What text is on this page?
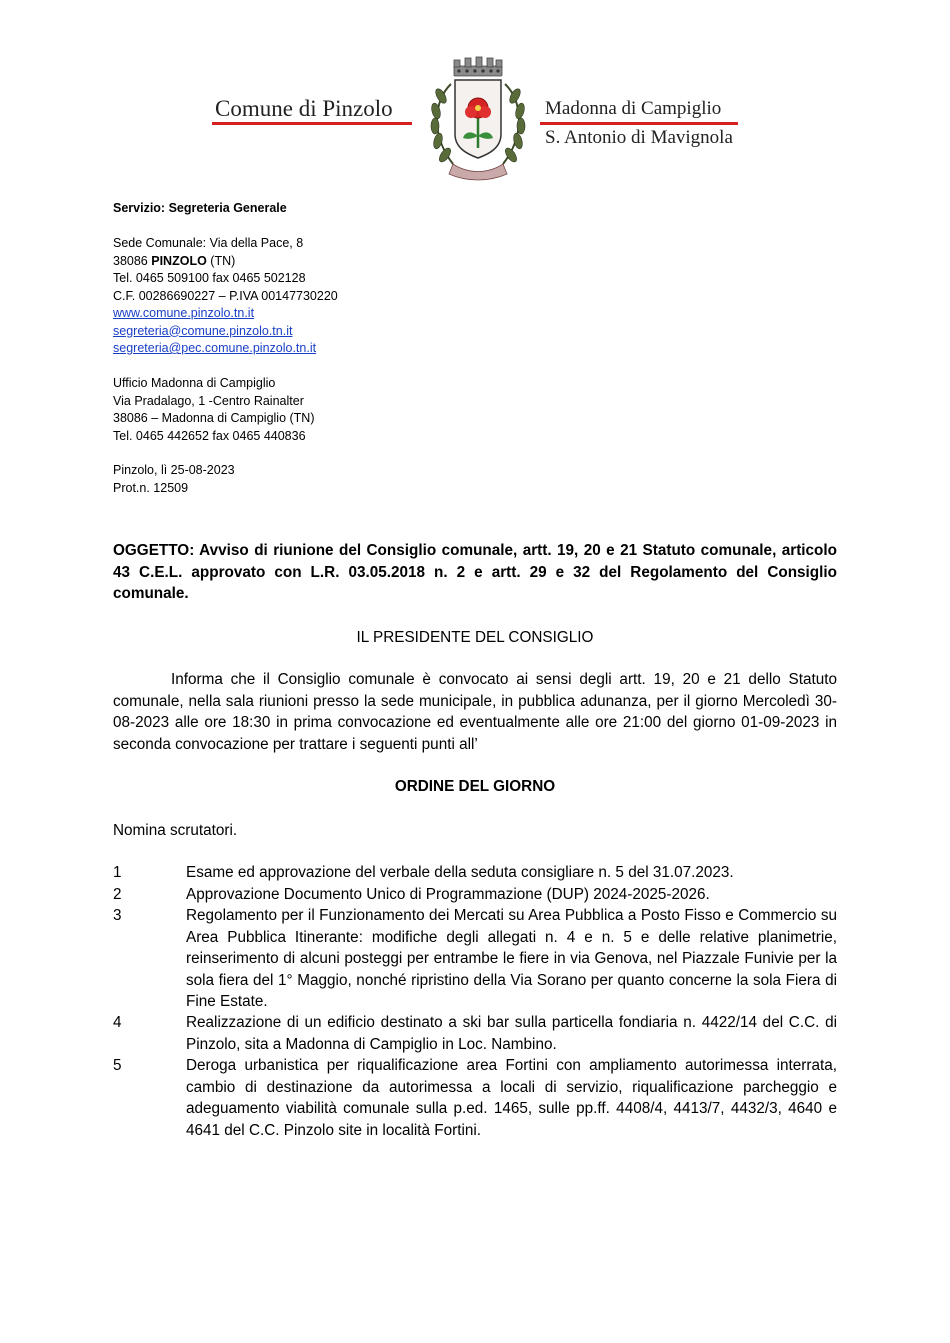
Comune di Pinzolo	Madonna di Campiglio
S. Antonio di Mavignola
Servizio: Segreteria Generale
Sede Comunale: Via della Pace, 8
38086 PINZOLO (TN)
Tel. 0465 509100 fax 0465 502128
C.F. 00286690227 – P.IVA 00147730220
www.comune.pinzolo.tn.it
segreteria@comune.pinzolo.tn.it
segreteria@pec.comune.pinzolo.tn.it
Ufficio Madonna di Campiglio
Via Pradalago, 1 -Centro Rainalter
38086 – Madonna di Campiglio (TN)
Tel. 0465 442652 fax 0465 440836
Pinzolo, lì 25-08-2023
Prot.n. 12509
OGGETTO: Avviso di riunione del Consiglio comunale, artt. 19, 20 e 21 Statuto comunale, articolo 43 C.E.L. approvato con L.R. 03.05.2018 n. 2 e artt. 29 e 32 del Regolamento del Consiglio comunale.
IL PRESIDENTE DEL CONSIGLIO
Informa che il Consiglio comunale è convocato ai sensi degli artt. 19, 20 e 21 dello Statuto comunale, nella sala riunioni presso la sede municipale, in pubblica adunanza, per il giorno Mercoledì 30-08-2023 alle ore 18:30 in prima convocazione ed eventualmente alle ore 21:00 del giorno 01-09-2023 in seconda convocazione per trattare i seguenti punti all’
ORDINE DEL GIORNO
Nomina scrutatori.
1	Esame ed approvazione del verbale della seduta consigliare n. 5 del 31.07.2023.
2	Approvazione Documento Unico di Programmazione (DUP) 2024-2025-2026.
3	Regolamento per il Funzionamento dei Mercati su Area Pubblica a Posto Fisso e Commercio su Area Pubblica Itinerante: modifiche degli allegati n. 4 e n. 5 e delle relative planimetrie, reinserimento di alcuni posteggi per entrambe le fiere in via Genova, nel Piazzale Funivie per la sola fiera del 1° Maggio, nonché ripristino della Via Sorano per quanto concerne la sola Fiera di Fine Estate.
4	Realizzazione di un edificio destinato a ski bar sulla particella fondiaria n. 4422/14 del C.C. di Pinzolo, sita a Madonna di Campiglio in Loc. Nambino.
5	Deroga urbanistica per riqualificazione area Fortini con ampliamento autorimessa interrata, cambio di destinazione da autorimessa a locali di servizio, riqualificazione parcheggio e adeguamento viabilità comunale sulla p.ed. 1465, sulle pp.ff. 4408/4, 4413/7, 4432/3, 4640 e 4641 del C.C. Pinzolo site in località Fortini.
